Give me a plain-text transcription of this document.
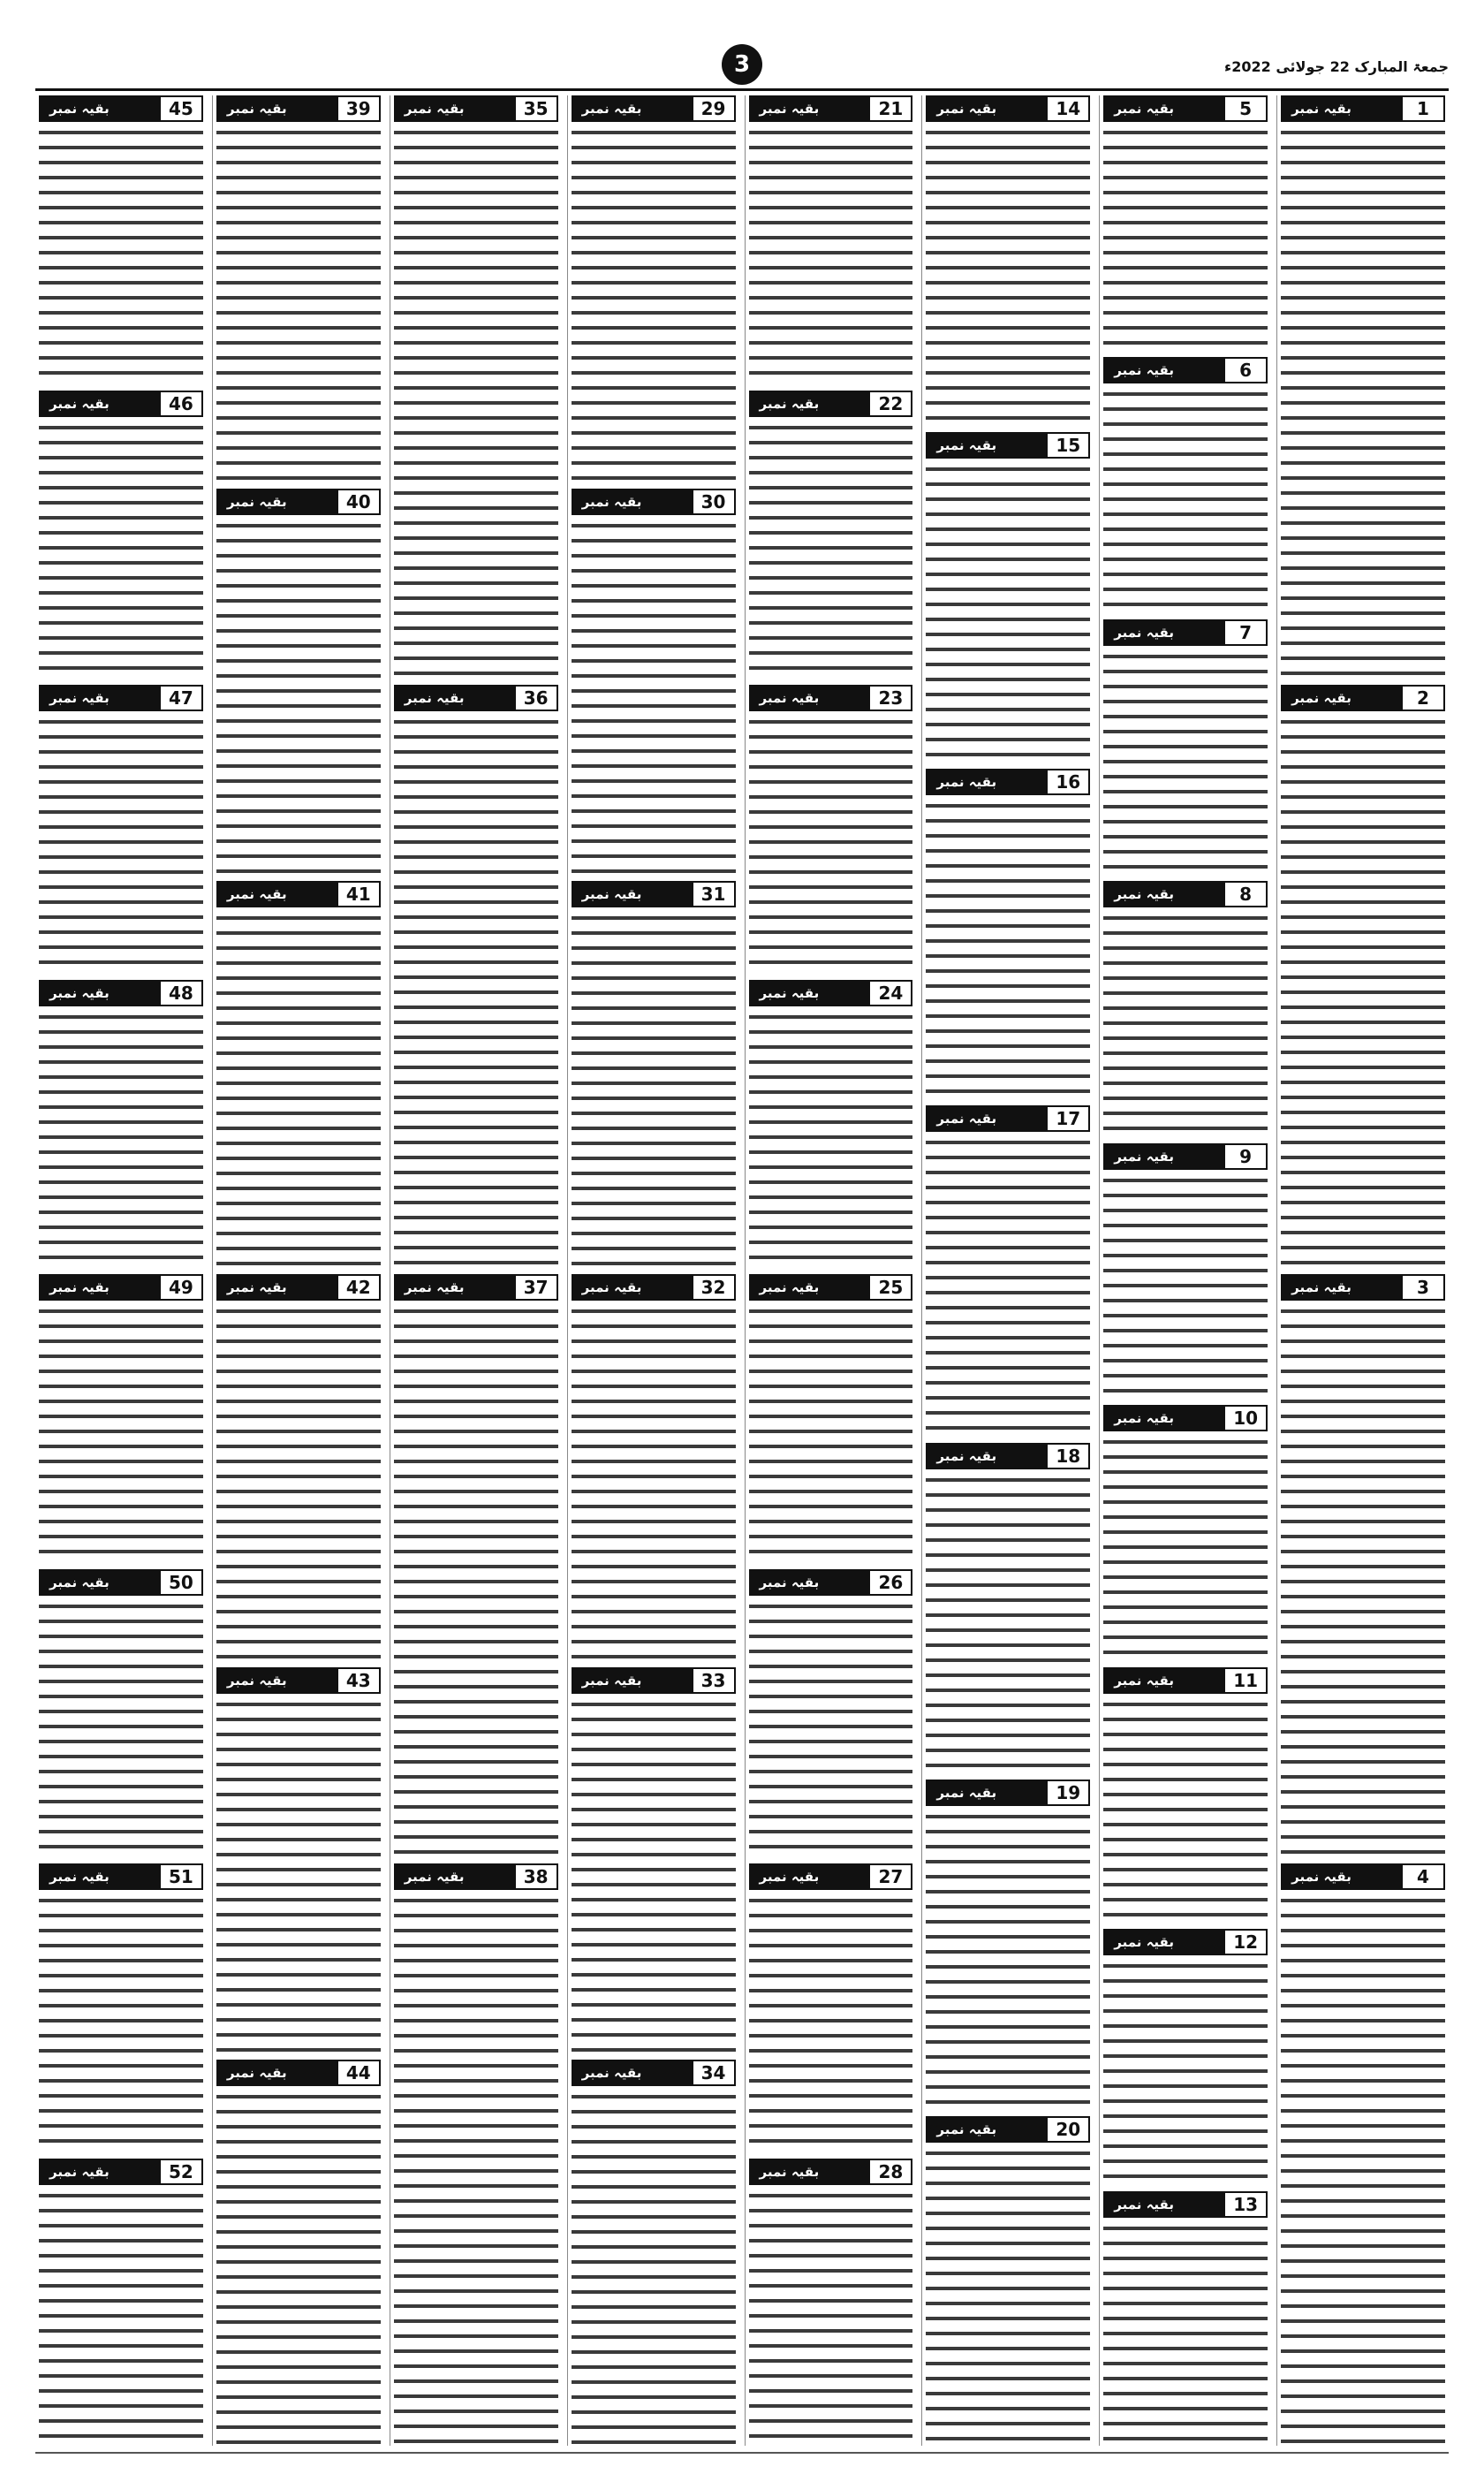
3	جمعۃ المبارک 22 جولائی 2022ء
1
بقیہ نمبر
2
بقیہ نمبر
3
بقیہ نمبر
4
بقیہ نمبر
5
بقیہ نمبر
6
بقیہ نمبر
7
بقیہ نمبر
8
بقیہ نمبر
9
بقیہ نمبر
10
بقیہ نمبر
11
بقیہ نمبر
12
بقیہ نمبر
13
بقیہ نمبر
14
بقیہ نمبر
15
بقیہ نمبر
16
بقیہ نمبر
17
بقیہ نمبر
18
بقیہ نمبر
19
بقیہ نمبر
20
بقیہ نمبر
21
بقیہ نمبر
22
بقیہ نمبر
23
بقیہ نمبر
24
بقیہ نمبر
25
بقیہ نمبر
26
بقیہ نمبر
27
بقیہ نمبر
28
بقیہ نمبر
29
بقیہ نمبر
30
بقیہ نمبر
31
بقیہ نمبر
32
بقیہ نمبر
33
بقیہ نمبر
34
بقیہ نمبر
35
بقیہ نمبر
36
بقیہ نمبر
37
بقیہ نمبر
38
بقیہ نمبر
39
بقیہ نمبر
40
بقیہ نمبر
41
بقیہ نمبر
42
بقیہ نمبر
43
بقیہ نمبر
44
بقیہ نمبر
45
بقیہ نمبر
46
بقیہ نمبر
47
بقیہ نمبر
48
بقیہ نمبر
49
بقیہ نمبر
50
بقیہ نمبر
51
بقیہ نمبر
52
بقیہ نمبر
